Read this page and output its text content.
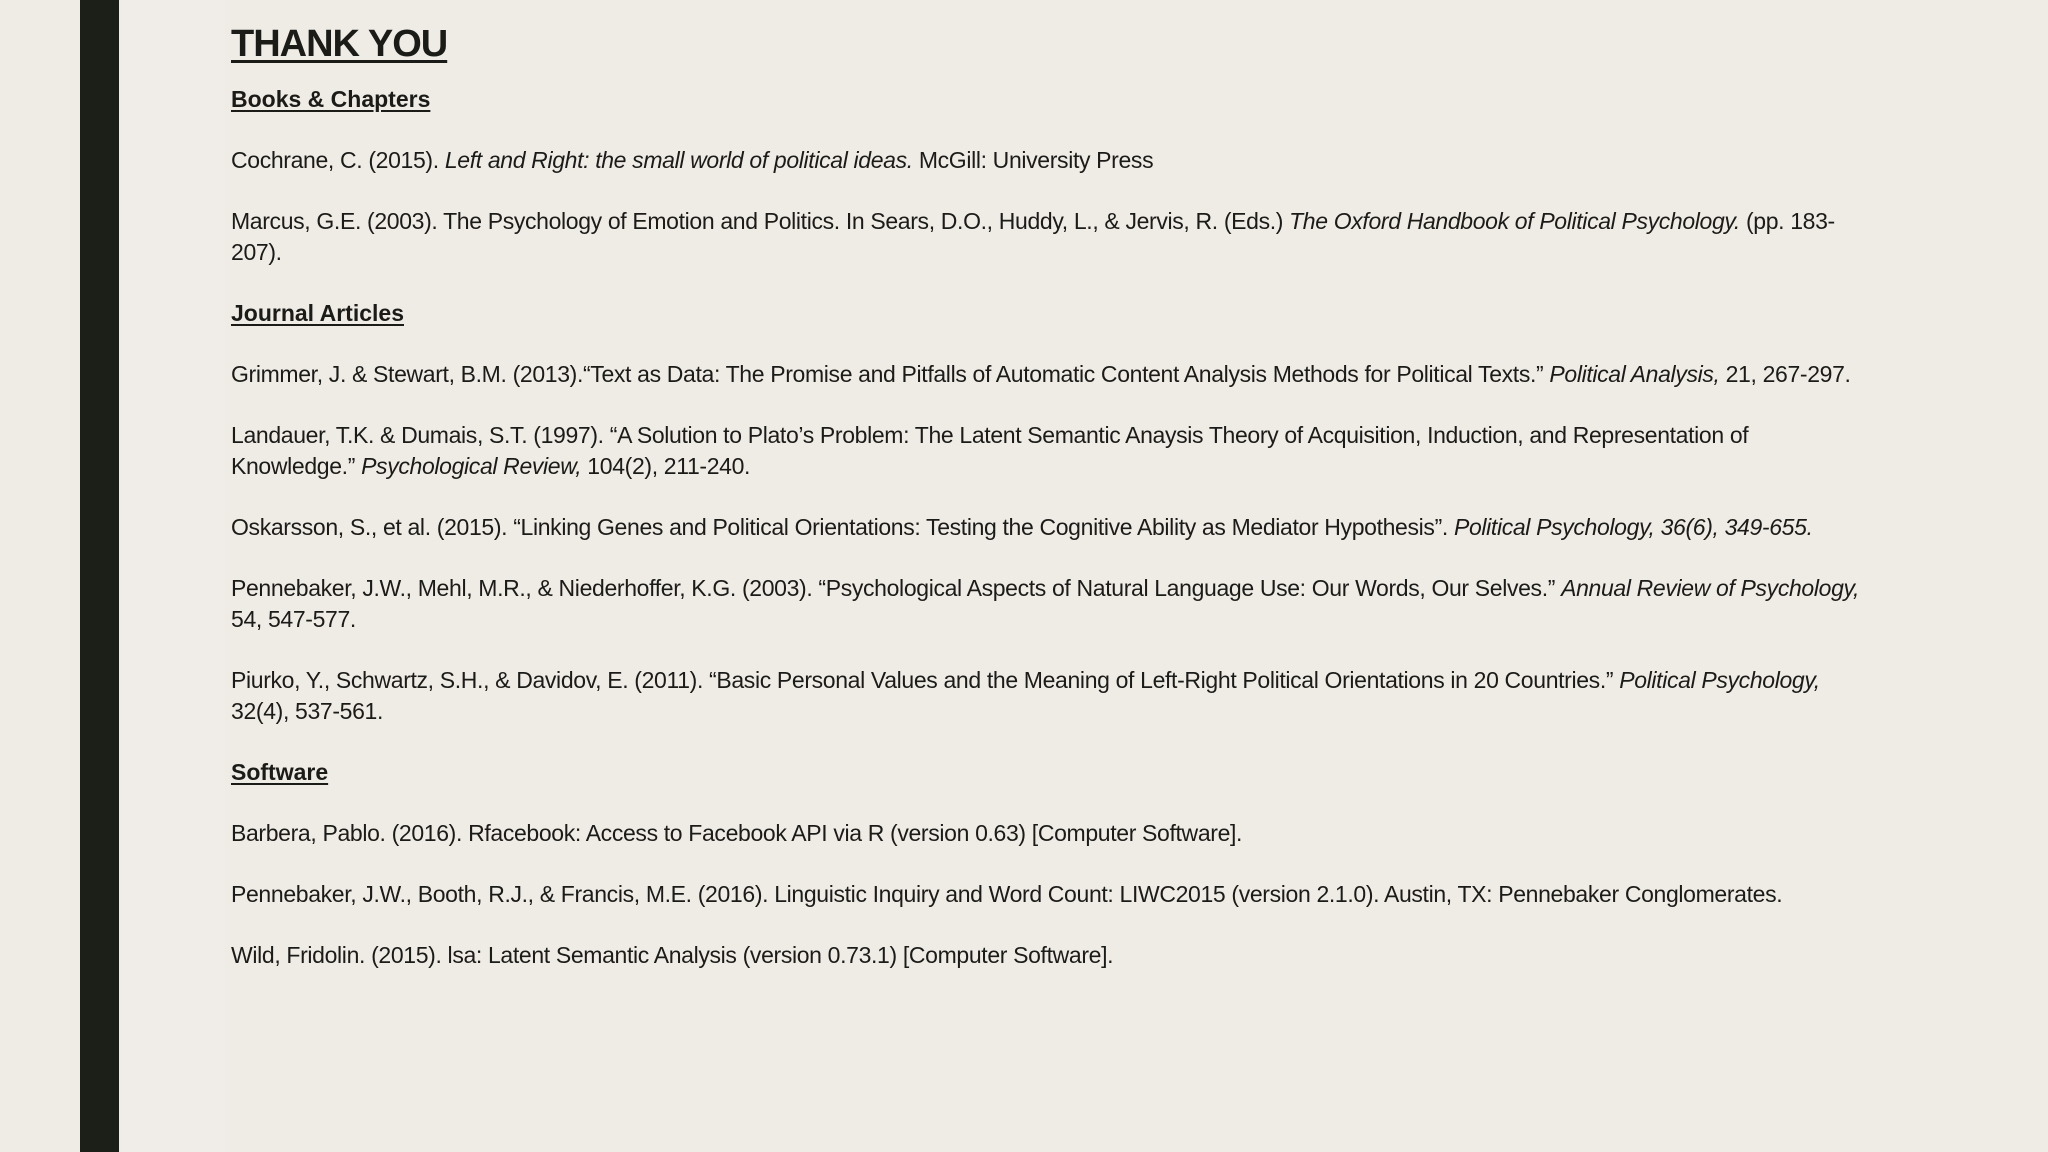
THANK YOU
Books & Chapters

Cochrane, C. (2015). Left and Right: the small world of political ideas. McGill: University Press

Marcus, G.E. (2003). The Psychology of Emotion and Politics. In Sears, D.O., Huddy, L., & Jervis, R. (Eds.) The Oxford Handbook of Political Psychology. (pp. 183-207).

Journal Articles

Grimmer, J. & Stewart, B.M. (2013).“Text as Data: The Promise and Pitfalls of Automatic Content Analysis Methods for Political Texts.” Political Analysis, 21, 267-297.

Landauer, T.K. & Dumais, S.T. (1997). “A Solution to Plato’s Problem: The Latent Semantic Anaysis Theory of Acquisition, Induction, and Representation of Knowledge.” Psychological Review, 104(2), 211-240.

Oskarsson, S., et al. (2015). “Linking Genes and Political Orientations: Testing the Cognitive Ability as Mediator Hypothesis”. Political Psychology, 36(6), 349-655.

Pennebaker, J.W., Mehl, M.R., & Niederhoffer, K.G. (2003). “Psychological Aspects of Natural Language Use: Our Words, Our Selves.” Annual Review of Psychology, 54, 547-577.

Piurko, Y., Schwartz, S.H., & Davidov, E. (2011). “Basic Personal Values and the Meaning of Left-Right Political Orientations in 20 Countries.” Political Psychology, 32(4), 537-561.

Software

Barbera, Pablo. (2016). Rfacebook: Access to Facebook API via R (version 0.63) [Computer Software].

Pennebaker, J.W., Booth, R.J., & Francis, M.E. (2016). Linguistic Inquiry and Word Count: LIWC2015 (version 2.1.0). Austin, TX: Pennebaker Conglomerates.

Wild, Fridolin. (2015). lsa: Latent Semantic Analysis (version 0.73.1) [Computer Software].
